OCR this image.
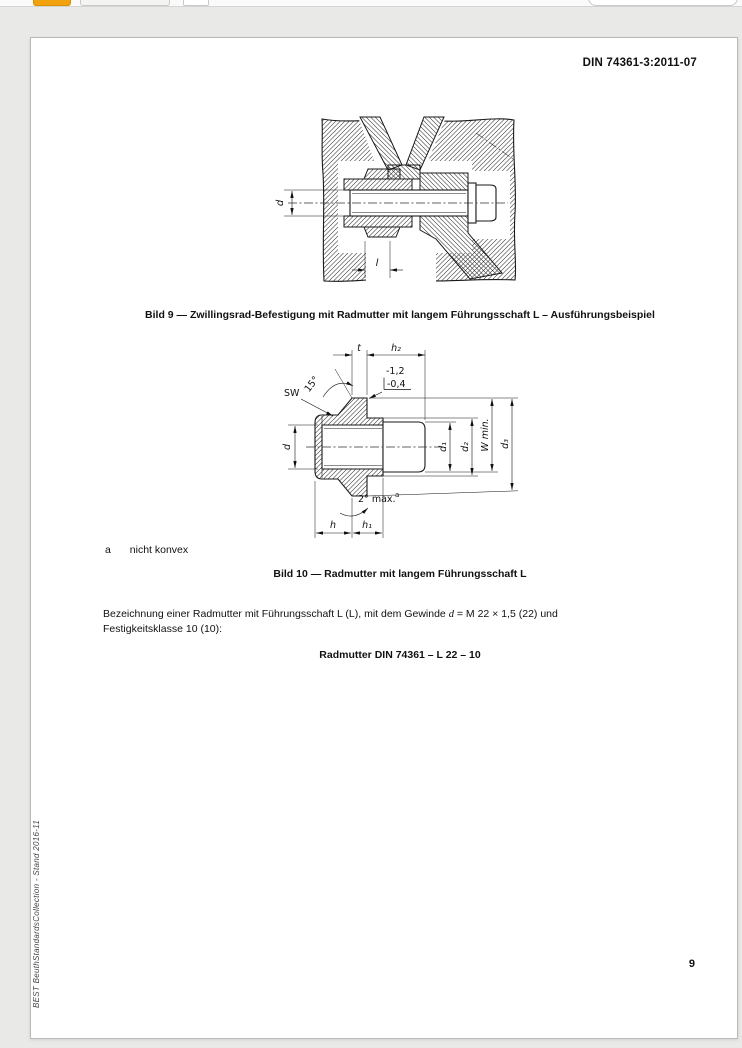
DIN 74361-3:2011-07
d
l
Bild 9 — Zwillingsrad-Befestigung mit Radmutter mit langem Führungsschaft L – Ausführungsbeispiel
t	h₂
15°
-1,2
-0,4
SW
d	d₁ d₂ W min. d₃
2° max. a
h	h₁
a nicht konvex
Bild 10 — Radmutter mit langem Führungsschaft L
Bezeichnung einer Radmutter mit Führungsschaft L (L), mit dem Gewinde d = M 22 × 1,5 (22) und
Festigkeitsklasse 10 (10):
Radmutter DIN 74361 – L 22 – 10
9
BEST BeuthStandardsCollection - Stand 2016-11
